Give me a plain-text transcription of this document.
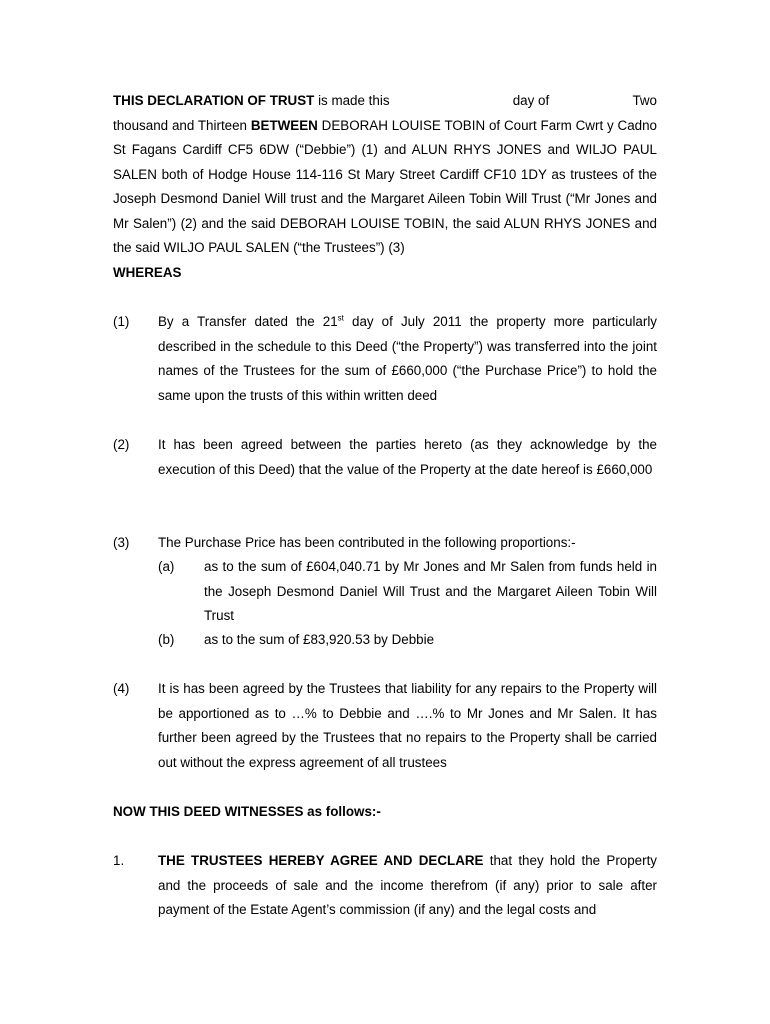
THIS DECLARATION OF TRUST is made this	day of	Two
thousand and Thirteen BETWEEN DEBORAH LOUISE TOBIN of Court Farm Cwrt y Cadno St Fagans Cardiff CF5 6DW (“Debbie”) (1) and ALUN RHYS JONES and WILJO PAUL SALEN both of Hodge House 114-116 St Mary Street Cardiff CF10 1DY as trustees of the Joseph Desmond Daniel Will trust and the Margaret Aileen Tobin Will Trust (“Mr Jones and Mr Salen”) (2) and the said DEBORAH LOUISE TOBIN, the said ALUN RHYS JONES and the said WILJO PAUL SALEN (“the Trustees”) (3)
WHEREAS
(1) By a Transfer dated the 21st day of July 2011 the property more particularly described in the schedule to this Deed (“the Property”) was transferred into the joint names of the Trustees for the sum of £660,000 (“the Purchase Price”) to hold the same upon the trusts of this within written deed
(2) It has been agreed between the parties hereto (as they acknowledge by the execution of this Deed) that the value of the Property at the date hereof is £660,000
(3) The Purchase Price has been contributed in the following proportions:-
(a) as to the sum of £604,040.71 by Mr Jones and Mr Salen from funds held in the Joseph Desmond Daniel Will Trust and the Margaret Aileen Tobin Will Trust
(b) as to the sum of £83,920.53 by Debbie
(4) It is has been agreed by the Trustees that liability for any repairs to the Property will be apportioned as to …% to Debbie and ….% to Mr Jones and Mr Salen. It has further been agreed by the Trustees that no repairs to the Property shall be carried out without the express agreement of all trustees
NOW THIS DEED WITNESSES as follows:-
1.	THE TRUSTEES HEREBY AGREE AND DECLARE that they hold the Property and the proceeds of sale and the income therefrom (if any) prior to sale after payment of the Estate Agent’s commission (if any) and the legal costs and
